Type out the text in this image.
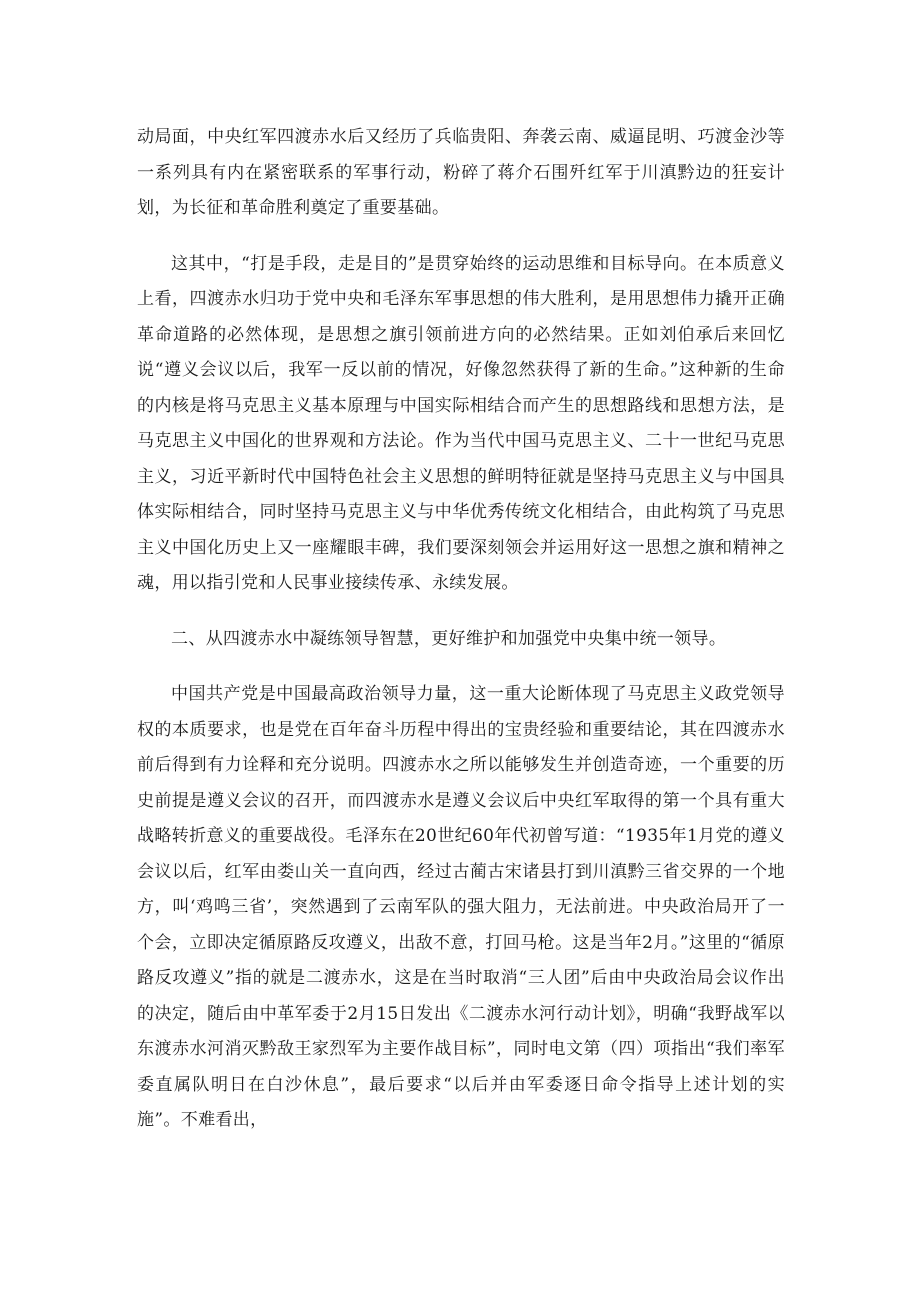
动局面，中央红军四渡赤水后又经历了兵临贵阳、奔袭云南、威逼昆明、巧渡金沙等一系列具有内在紧密联系的军事行动，粉碎了蒋介石围歼红军于川滇黔边的狂妄计划，为长征和革命胜利奠定了重要基础。

这其中，“打是手段，走是目的”是贯穿始终的运动思维和目标导向。在本质意义上看，四渡赤水归功于党中央和毛泽东军事思想的伟大胜利，是用思想伟力撬开正确革命道路的必然体现，是思想之旗引领前进方向的必然结果。正如刘伯承后来回忆说“遵义会议以后，我军一反以前的情况，好像忽然获得了新的生命。”这种新的生命的内核是将马克思主义基本原理与中国实际相结合而产生的思想路线和思想方法，是马克思主义中国化的世界观和方法论。作为当代中国马克思主义、二十一世纪马克思主义，习近平新时代中国特色社会主义思想的鲜明特征就是坚持马克思主义与中国具体实际相结合，同时坚持马克思主义与中华优秀传统文化相结合，由此构筑了马克思主义中国化历史上又一座耀眼丰碑，我们要深刻领会并运用好这一思想之旗和精神之魂，用以指引党和人民事业接续传承、永续发展。

二、从四渡赤水中凝练领导智慧，更好维护和加强党中央集中统一领导。

中国共产党是中国最高政治领导力量，这一重大论断体现了马克思主义政党领导权的本质要求，也是党在百年奋斗历程中得出的宝贵经验和重要结论，其在四渡赤水前后得到有力诠释和充分说明。四渡赤水之所以能够发生并创造奇迹，一个重要的历史前提是遵义会议的召开，而四渡赤水是遵义会议后中央红军取得的第一个具有重大战略转折意义的重要战役。毛泽东在20世纪60年代初曾写道：“1935年1月党的遵义会议以后，红军由娄山关一直向西，经过古蔺古宋诸县打到川滇黔三省交界的一个地方，叫‘鸡鸣三省’，突然遇到了云南军队的强大阻力，无法前进。中央政治局开了一个会，立即决定循原路反攻遵义，出敌不意，打回马枪。这是当年2月。”这里的“循原路反攻遵义”指的就是二渡赤水，这是在当时取消“三人团”后由中央政治局会议作出的决定，随后由中革军委于2月15日发出《二渡赤水河行动计划》，明确“我野战军以东渡赤水河消灭黔敌王家烈军为主要作战目标”，同时电文第（四）项指出“我们率军委直属队明日在白沙休息”，最后要求“以后并由军委逐日命令指导上述计划的实施”。不难看出，
